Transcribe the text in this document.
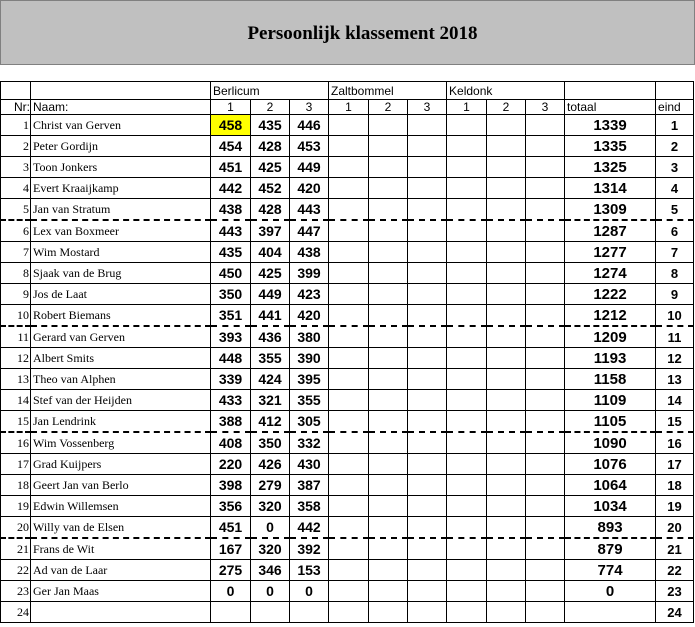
Persoonlijk klassement 2018
		Berlicum			Zaltbommel			Keldonk				
Nr:	Naam:	1	2	3	1	2	3	1	2	3	totaal	eind
1	Christ van Gerven	458	435	446							1339	1
2	Peter Gordijn	454	428	453							1335	2
3	Toon Jonkers	451	425	449							1325	3
4	Evert Kraaijkamp	442	452	420							1314	4
5	Jan van Stratum	438	428	443							1309	5
6	Lex van Boxmeer	443	397	447							1287	6
7	Wim Mostard	435	404	438							1277	7
8	Sjaak van de Brug	450	425	399							1274	8
9	Jos de Laat	350	449	423							1222	9
10	Robert Biemans	351	441	420							1212	10
11	Gerard van Gerven	393	436	380							1209	11
12	Albert Smits	448	355	390							1193	12
13	Theo van Alphen	339	424	395							1158	13
14	Stef van der Heijden	433	321	355							1109	14
15	Jan Lendrink	388	412	305							1105	15
16	Wim Vossenberg	408	350	332							1090	16
17	Grad Kuijpers	220	426	430							1076	17
18	Geert Jan van Berlo	398	279	387							1064	18
19	Edwin Willemsen	356	320	358							1034	19
20	Willy van de Elsen	451	0	442							893	20
21	Frans de Wit	167	320	392							879	21
22	Ad van de Laar	275	346	153							774	22
23	Ger Jan Maas	0	0	0							0	23
24												24
